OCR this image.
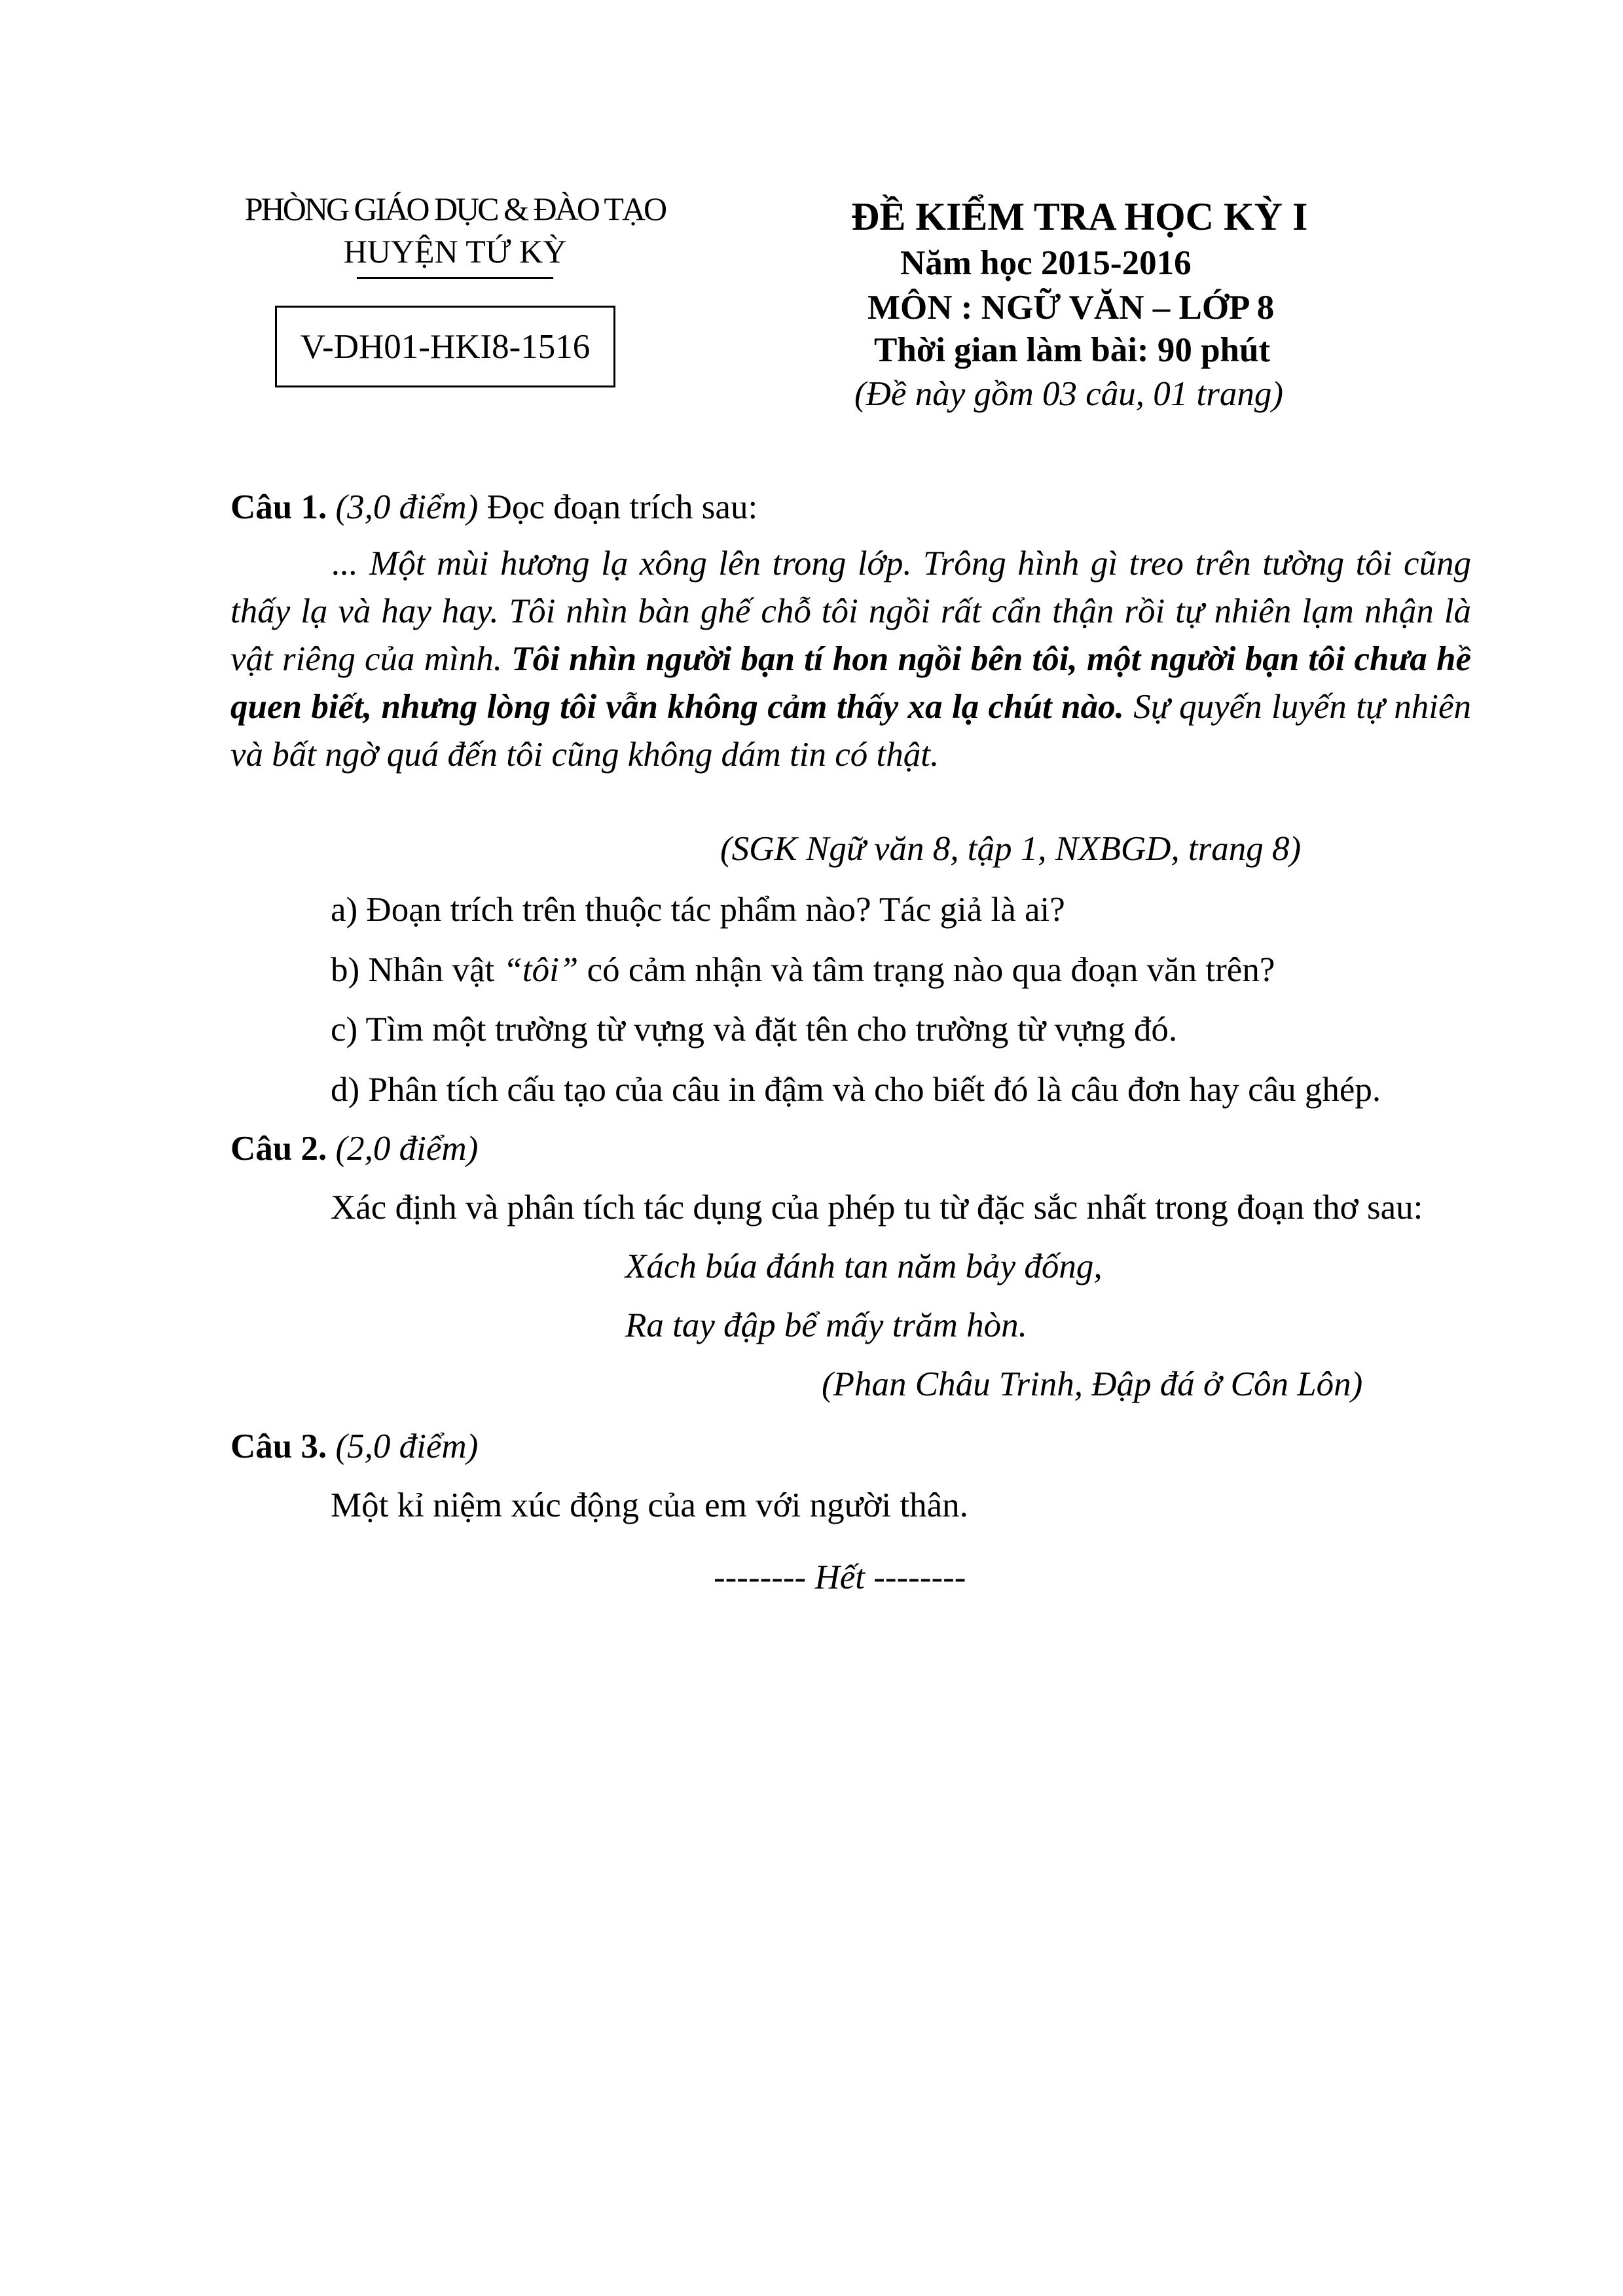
PHÒNG GIÁO DỤC & ĐÀO TẠO
HUYỆN TỨ KỲ
V-DH01-HKI8-1516
ĐỀ KIỂM TRA HỌC KỲ I
Năm học 2015-2016
MÔN : NGỮ VĂN – LỚP 8
Thời gian làm bài: 90 phút
(Đề này gồm 03 câu, 01 trang)
Câu 1. (3,0 điểm) Đọc đoạn trích sau:
... Một mùi hương lạ xông lên trong lớp. Trông hình gì treo trên tường tôi cũng thấy lạ và hay hay. Tôi nhìn bàn ghế chỗ tôi ngồi rất cẩn thận rồi tự nhiên lạm nhận là vật riêng của mình. Tôi nhìn người bạn tí hon ngồi bên tôi, một người bạn tôi chưa hề quen biết, nhưng lòng tôi vẫn không cảm thấy xa lạ chút nào. Sự quyến luyến tự nhiên và bất ngờ quá đến tôi cũng không dám tin có thật.
(SGK Ngữ văn 8, tập 1, NXBGD, trang 8)
a) Đoạn trích trên thuộc tác phẩm nào? Tác giả là ai?
b) Nhân vật “tôi” có cảm nhận và tâm trạng nào qua đoạn văn trên?
c) Tìm một trường từ vựng và đặt tên cho trường từ vựng đó.
d) Phân tích cấu tạo của câu in đậm và cho biết đó là câu đơn hay câu ghép.
Câu 2. (2,0 điểm)
Xác định và phân tích tác dụng của phép tu từ đặc sắc nhất trong đoạn thơ sau:
Xách búa đánh tan năm bảy đống,
Ra tay đập bể mấy trăm hòn.
(Phan Châu Trinh, Đập đá ở Côn Lôn)
Câu 3. (5,0 điểm)
Một kỉ niệm xúc động của em với người thân.
-------- Hết --------
